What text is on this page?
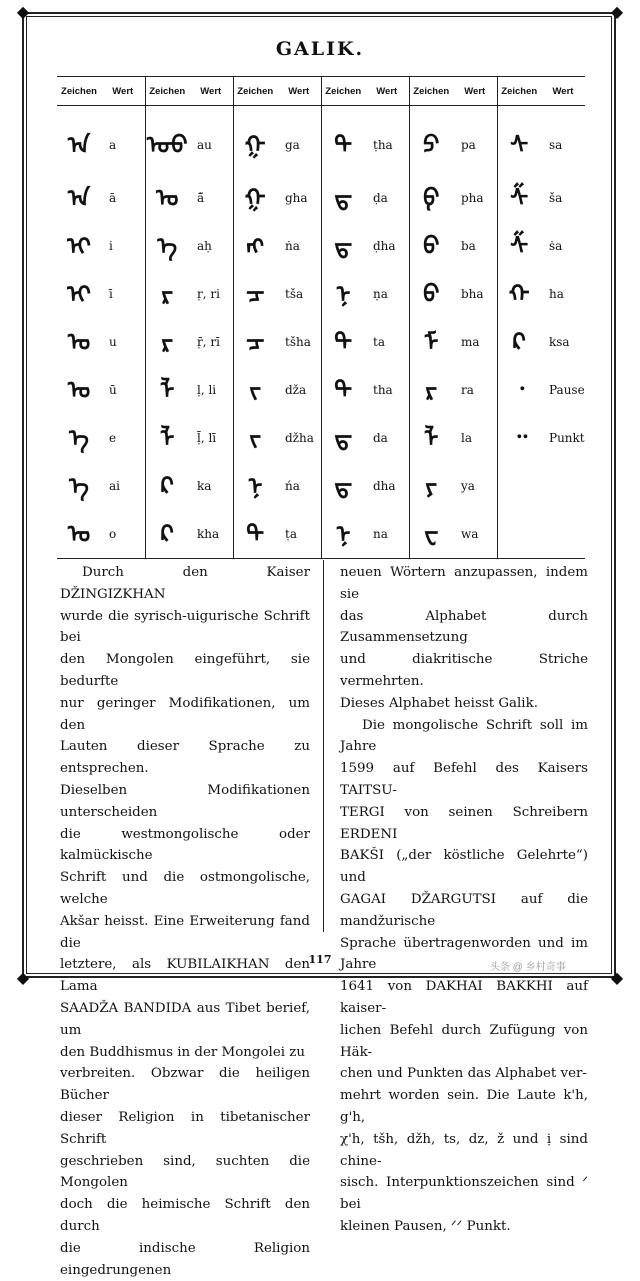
◆	◆
◆	◆
GALIK.
Zeichen	Wert	Zeichen	Wert	Zeichen	Wert	Zeichen	Wert	Zeichen	Wert	Zeichen	Wert
ᠠ	a	ᠣᠣ	au	ᠭ	ga	ᠲ	ṭha	ᠫ	pa	ᠰ	sa
ᠠ	ā	ᠣ	ā̃	ᠭ	gha	ᠳ	ḍa	ᠹ	pha	ᠱ	ša
ᠢ	i	ᠡ	aḥ	ᠩ	ṅa	ᠳ	ḍha	ᠪ	ba	ᠱ	ṡa
ᠢ	ī	ᠷ	ṛ, ri	ᠴ	tša	ᠨ	ṇa	ᠪ	bha	ᠬ	ha
ᠤ	u	ᠷ	ṝ, rī	ᠴ	tšha	ᠲ	ta	ᠮ	ma	ᠺ	ksa
ᠤ	ū	ᠯ	ḷ, li	ᠵ	dža	ᠲ	tha	ᠷ	ra	᠂	Pause
ᠡ	e	ᠯ	ḹ, lī	ᠵ	džha	ᠳ	da	ᠯ	la	᠃	Punkt
ᠡ	ai	ᠺ	ka	ᠨ	ńa	ᠳ	dha	ᠶ	ya		
ᠣ	o	ᠺ	kha	ᠲ	ṭa	ᠨ	na	ᠸ	wa		

Durch den Kaiser DŽINGIZKHAN
wurde die syrisch-uigurische Schrift bei
den Mongolen eingeführt, sie bedurfte
nur geringer Modifikationen, um den
Lauten dieser Sprache zu entsprechen.
Dieselben Modifikationen unterscheiden
die westmongolische oder kalmückische
Schrift und die ostmongolische, welche
Akšar heisst. Eine Erweiterung fand die
letztere, als KUBILAIKHAN den Lama
SAADŽA BANDIDA aus Tibet berief, um
den Buddhismus in der Mongolei zu
verbreiten. Obzwar die heiligen Bücher
dieser Religion in tibetanischer Schrift
geschrieben sind, suchten die Mongolen
doch die heimische Schrift den durch
die indische Religion eingedrungenen

neuen Wörtern anzupassen, indem sie
das Alphabet durch Zusammensetzung
und diakritische Striche vermehrten.
Dieses Alphabet heisst Galik.

Die mongolische Schrift soll im Jahre
1599 auf Befehl des Kaisers TAITSU-
TERGI von seinen Schreibern ERDENI
BAKŠI („der köstliche Gelehrte“) und
GAGAI DŽARGUTSI auf die mandžurische
Sprache übertragenworden und im Jahre
1641 von DAKHAI BAKKHI auf kaiser-
lichen Befehl durch Zufügung von Häk-
chen und Punkten das Alphabet ver-
mehrt worden sein. Die Laute k'h, g'h,
χ'h, tšh, džh, ts, dz, ž und ị sind chine-
sisch. Interpunktionszeichen sind ᐟ bei
kleinen Pausen, ᐟᐟ Punkt.

117
头条 @ 乡村奇事
